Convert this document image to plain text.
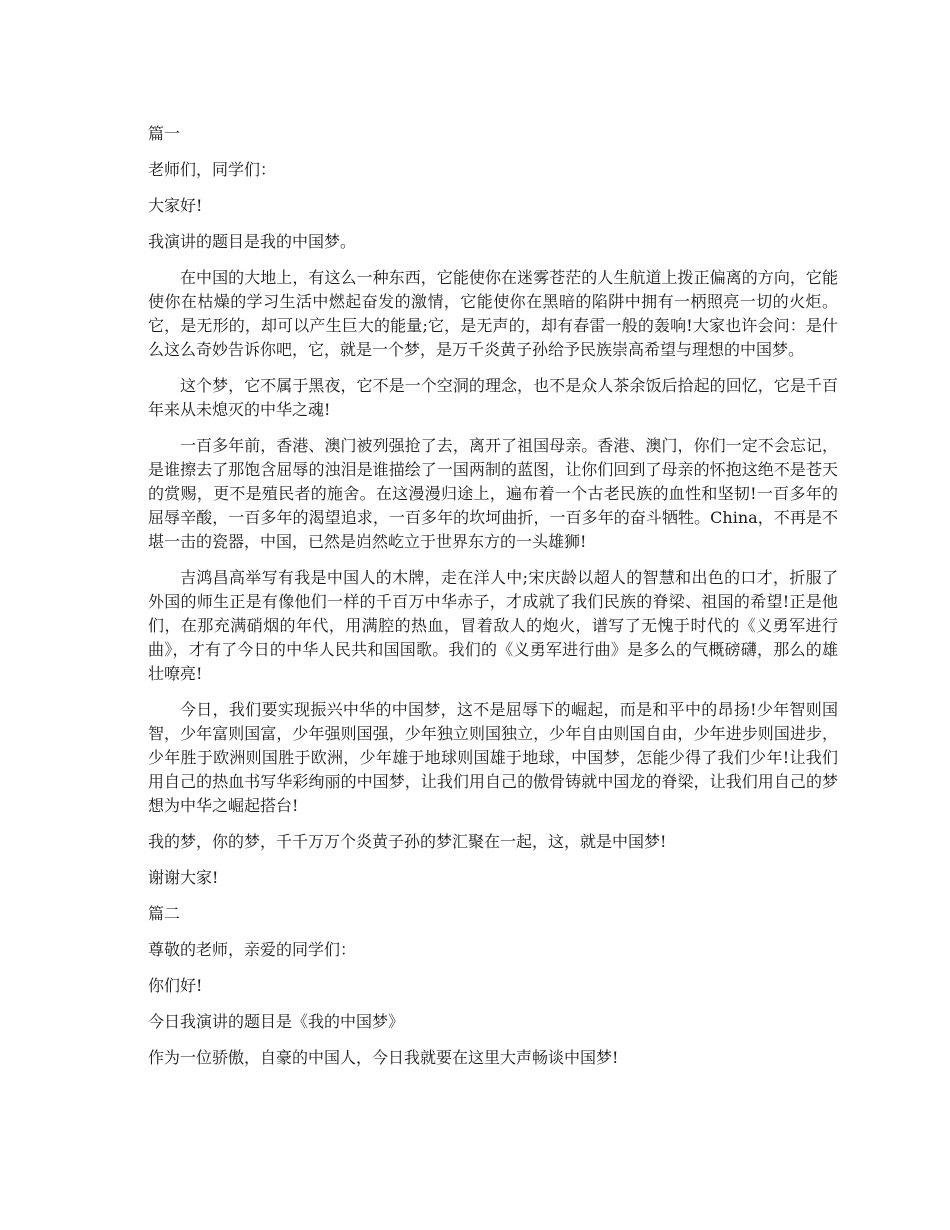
篇一

老师们，同学们：

大家好!

我演讲的题目是我的中国梦。

在中国的大地上，有这么一种东西，它能使你在迷雾苍茫的人生航道上拨正偏离的方向，它能使你在枯燥的学习生活中燃起奋发的激情，它能使你在黑暗的陷阱中拥有一柄照亮一切的火炬。它，是无形的，却可以产生巨大的能量;它，是无声的，却有春雷一般的轰响!大家也许会问：是什么这么奇妙告诉你吧，它，就是一个梦，是万千炎黄子孙给予民族崇高希望与理想的中国梦。

这个梦，它不属于黑夜，它不是一个空洞的理念，也不是众人茶余饭后拾起的回忆，它是千百年来从未熄灭的中华之魂!

一百多年前，香港、澳门被列强抢了去，离开了祖国母亲。香港、澳门，你们一定不会忘记，是谁擦去了那饱含屈辱的浊泪是谁描绘了一国两制的蓝图，让你们回到了母亲的怀抱这绝不是苍天的赏赐，更不是殖民者的施舍。在这漫漫归途上，遍布着一个古老民族的血性和坚韧!一百多年的屈辱辛酸，一百多年的渴望追求，一百多年的坎坷曲折，一百多年的奋斗牺牲。China，不再是不堪一击的瓷器，中国，已然是岿然屹立于世界东方的一头雄狮!

吉鸿昌高举写有我是中国人的木牌，走在洋人中;宋庆龄以超人的智慧和出色的口才，折服了外国的师生正是有像他们一样的千百万中华赤子，才成就了我们民族的脊梁、祖国的希望!正是他们，在那充满硝烟的年代，用满腔的热血，冒着敌人的炮火，谱写了无愧于时代的《义勇军进行曲》，才有了今日的中华人民共和国国歌。我们的《义勇军进行曲》是多么的气概磅礴，那么的雄壮嘹亮!

今日，我们要实现振兴中华的中国梦，这不是屈辱下的崛起，而是和平中的昂扬!少年智则国智，少年富则国富，少年强则国强，少年独立则国独立，少年自由则国自由，少年进步则国进步，少年胜于欧洲则国胜于欧洲，少年雄于地球则国雄于地球，中国梦，怎能少得了我们少年!让我们用自己的热血书写华彩绚丽的中国梦，让我们用自己的傲骨铸就中国龙的脊梁，让我们用自己的梦想为中华之崛起搭台!

我的梦，你的梦，千千万万个炎黄子孙的梦汇聚在一起，这，就是中国梦!

谢谢大家!

篇二

尊敬的老师，亲爱的同学们：

你们好!

今日我演讲的题目是《我的中国梦》

作为一位骄傲，自豪的中国人，今日我就要在这里大声畅谈中国梦!
